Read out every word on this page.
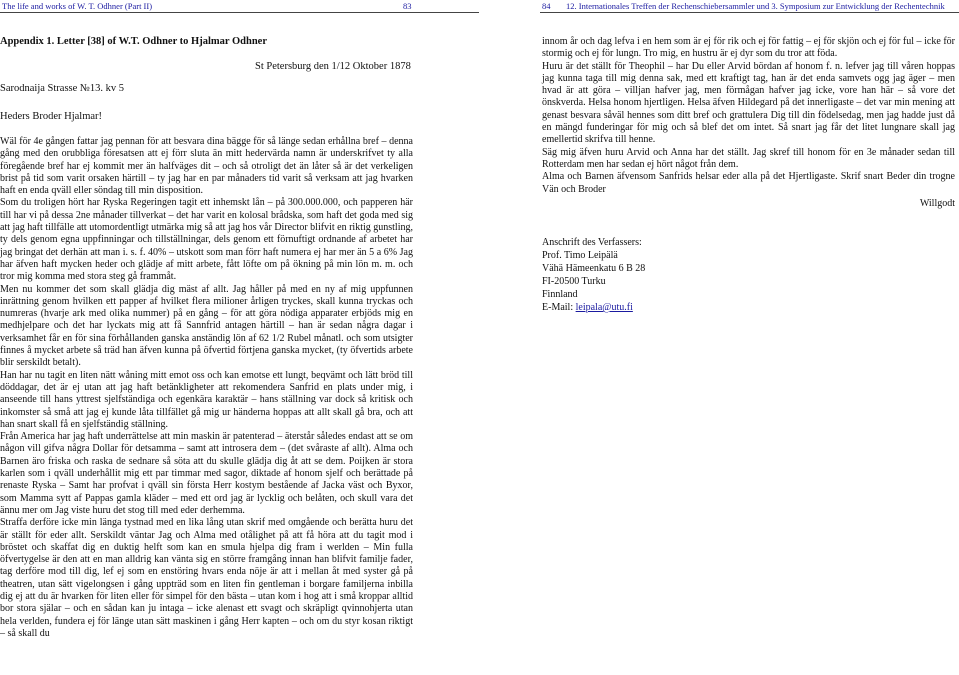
The life and works of W. T. Odhner (Part II)	83
Appendix 1. Letter [38] of W.T. Odhner to Hjalmar Odhner
St Petersburg den 1/12 Oktober 1878
Sarodnaija Strasse №13. kv 5
Heders Broder Hjalmar!

Wäl för 4e gången fattar jag pennan för att besvara dina bägge för så länge sedan erhållna bref – denna gång med den orubbliga föresatsen att ej förr sluta än mitt hedervärda namn är underskrifvet ty alla föregående bref har ej kommit mer än halfväges dit – och så otroligt det än låter så är det verkeligen brist på tid som varit orsaken härtill – ty jag har en par månaders tid varit så verksam att jag hvarken haft en enda qväll eller söndag till min disposition.

Som du troligen hört har Ryska Regeringen tagit ett inhemskt lån – på 300.000.000, och papperen här till har vi på dessa 2ne månader tillverkat – det har varit en kolosal brådska, som haft det goda med sig att jag haft tillfälle att utomordentligt utmärka mig så att jag hos vår Director blifvit en riktig gunstling, ty dels genom egna uppfinningar och tillställningar, dels genom ett förnuftigt ordnande af arbetet har jag bringat det derhän att man i. s. f. 40% – utskott som man förr haft numera ej har mer än 5 a 6% Jag har äfven haft mycken heder och glädje af mitt arbete, fått löfte om på ökning på min lön m. m. och tror mig komma med stora steg gå frammåt.

Men nu kommer det som skall glädja dig mäst af allt. Jag håller på med en ny af mig uppfunnen inrättning genom hvilken ett papper af hvilket flera milioner årligen tryckes, skall kunna tryckas och numreras (hvarje ark med olika nummer) på en gång – för att göra nödiga apparater erbjöds mig en medhjelpare och det har lyckats mig att få Sannfrid antagen härtill – han är sedan några dagar i verksamhet får en för sina förhållanden ganska anständig lön af 62 1/2 Rubel månatl. och som utsigter finnes å mycket arbete så träd han äfven kunna på öfvertid förtjena ganska mycket, (ty öfvertids arbete blir serskildt betalt).

Han har nu tagit en liten nätt wåning mitt emot oss och kan emotse ett lungt, beqvämt och lätt bröd till döddagar, det är ej utan att jag haft betänkligheter att rekomendera Sanfrid en plats under mig, i anseende till hans yttrest sjelfständiga och egenkära karaktär – hans ställning var dock så kritisk och inkomster så små att jag ej kunde låta tillfället gå mig ur händerna hoppas att allt skall gå bra, och att han snart skall få en sjelfständig ställning.

Från America har jag haft underrättelse att min maskin är patenterad – äterstår således endast att se om någon vill gifva några Dollar för detsamma – samt att introsera dem – (det svåraste af allt). Alma och Barnen äro friska och raska de sednare så söta att du skulle glädja dig åt att se dem. Poijken är stora karlen som i qväll underhållit mig ett par timmar med sagor, diktade af honom sjelf och berättade på renaste Ryska – Samt har profvat i qväll sin första Herr kostym bestående af Jacka väst och Byxor, som Mamma sytt af Pappas gamla kläder – med ett ord jag är lycklig och belåten, och skull vara det ännu mer om Jag viste huru det stog till med eder derhemma.

Straffa derföre icke min länga tystnad med en lika lång utan skrif med omgående och berätta huru det är ställt för eder allt. Serskildt väntar Jag och Alma med otålighet på att få höra att du tagit mod i bröstet och skaffat dig en duktig helft som kan en smula hjelpa dig fram i werlden – Min fulla öfvertygelse är den att en man alldrig kan vänta sig en större framgång innan han blifvit familje fader, tag derföre mod till dig, lef ej som en enstöring hvars enda nöje är att i mellan åt med syster gå på theatren, utan sätt vigelongsen i gång uppträd som en liten fin gentleman i borgare familjerna inbilla dig ej att du är hvarken för liten eller för simpel för den bästa – utan kom i hog att i små kroppar alltid bor stora själar – och en sådan kan ju intaga – icke alenast ett svagt och skräpligt qvinnohjerta utan hela verlden, fundera ej för länge utan sätt maskinen i gång Herr kapten – och om du styr kosan riktigt – så skall du

84 12. Internationales Treffen der Rechenschiebersammler und 3. Symposium zur Entwicklung der Rechentechnik

innom år och dag lefva i en hem som är ej för rik och ej för fattig – ej för skjön och ej för ful – icke för stormig och ej för lungn. Tro mig, en hustru är ej dyr som du tror att föda.

Huru är det ställt för Theophil – har Du eller Arvid bördan af honom f. n. lefver jag till våren hoppas jag kunna taga till mig denna sak, med ett kraftigt tag, han är det enda samvets ogg jag äger – men hvad är att göra – villjan hafver jag, men förmågan hafver jag icke, vore han här – så vore det önskverda. Helsa honom hjertligen. Helsa äfven Hildegard på det innerligaste – det var min mening att genast besvara såväl hennes som ditt bref och grattulera Dig till din födelsedag, men jag hadde just då en mängd funderingar för mig och så blef det om intet. Så snart jag får det litet lungnare skall jag emellertid skrifva till henne.

Säg mig äfven huru Arvid och Anna har det ställt. Jag skref till honom för en 3e månader sedan till Rotterdam men har sedan ej hört något från dem.

Alma och Barnen äfvensom Sanfrids helsar eder alla på det Hjertligaste. Skrif snart Beder din trogne Vän och Broder

Willgodt

Anschrift des Verfassers:
Prof. Timo Leipälä
Vähä Hämeenkatu 6 B 28
FI-20500 Turku
Finnland
E-Mail: leipala@utu.fi
